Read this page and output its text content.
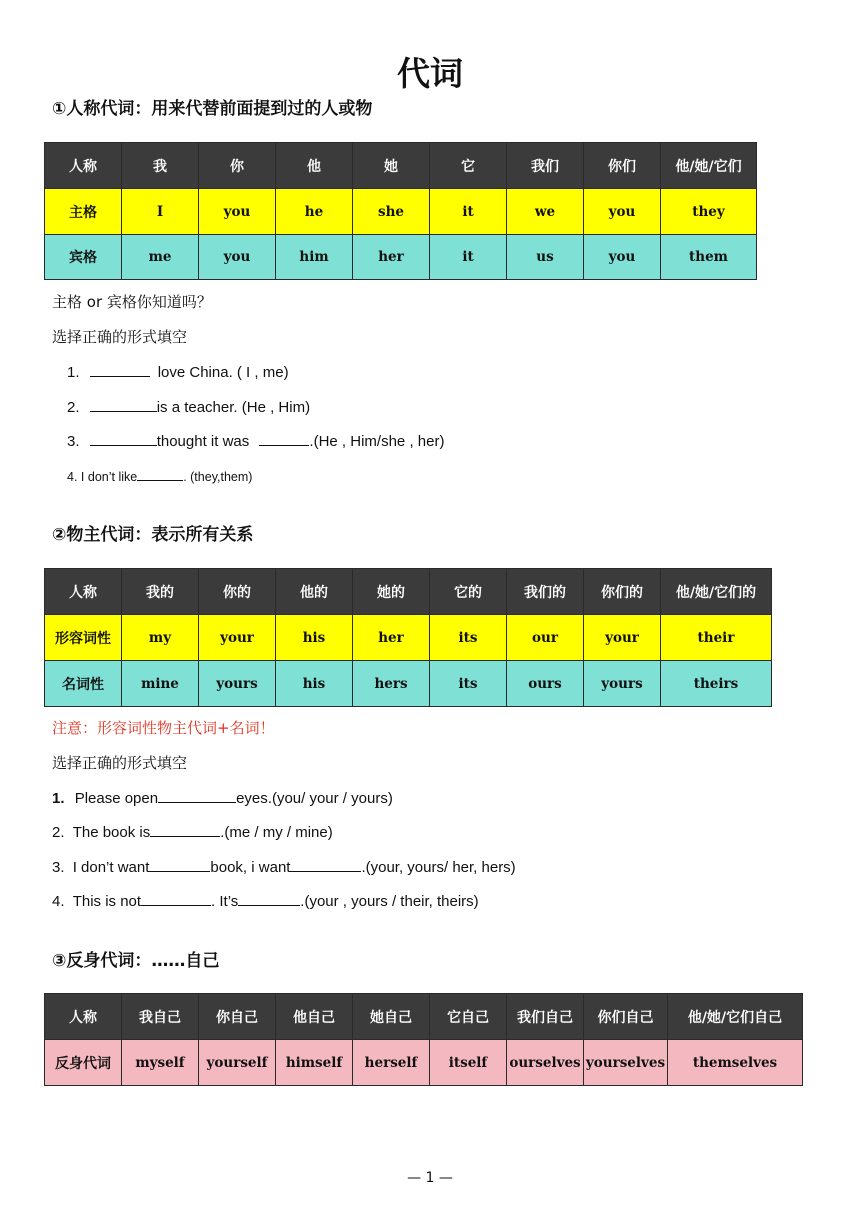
代词
①人称代词：用来代替前面提到过的人或物
人称	我	你	他	她	它	我们	你们	他/她/它们
主格	I	you	he	she	it	we	you	they
宾格	me	you	him	her	it	us	you	them
主格 or 宾格你知道吗？
选择正确的形式填空
1.	love China. ( I , me)
2.	is a teacher. (He , Him)
3.	thought it was	.(He , Him/she , her)
4. I don’t like	. (they,them)
②物主代词：表示所有关系
人称	我的	你的	他的	她的	它的	我们的	你们的	他/她/它们的
形容词性	my	your	his	her	its	our	your	their
名词性	mine	yours	his	hers	its	ours	yours	theirs
注意：形容词性物主代词+名词！
选择正确的形式填空
1. Please open	eyes.(you/ your / yours)
2. The book is	.(me / my / mine)
3. I don’t want	book, i want	.(your, yours/ her, hers)
4. This is not	. It’s	.(your , yours / their, theirs)
③反身代词：……自己
人称	我自己	你自己	他自己	她自己	它自己	我们自己	你们自己	他/她/它们自己
反身代词	myself	yourself	himself	herself	itself	ourselves	yourselves	themselves
— 1 —
